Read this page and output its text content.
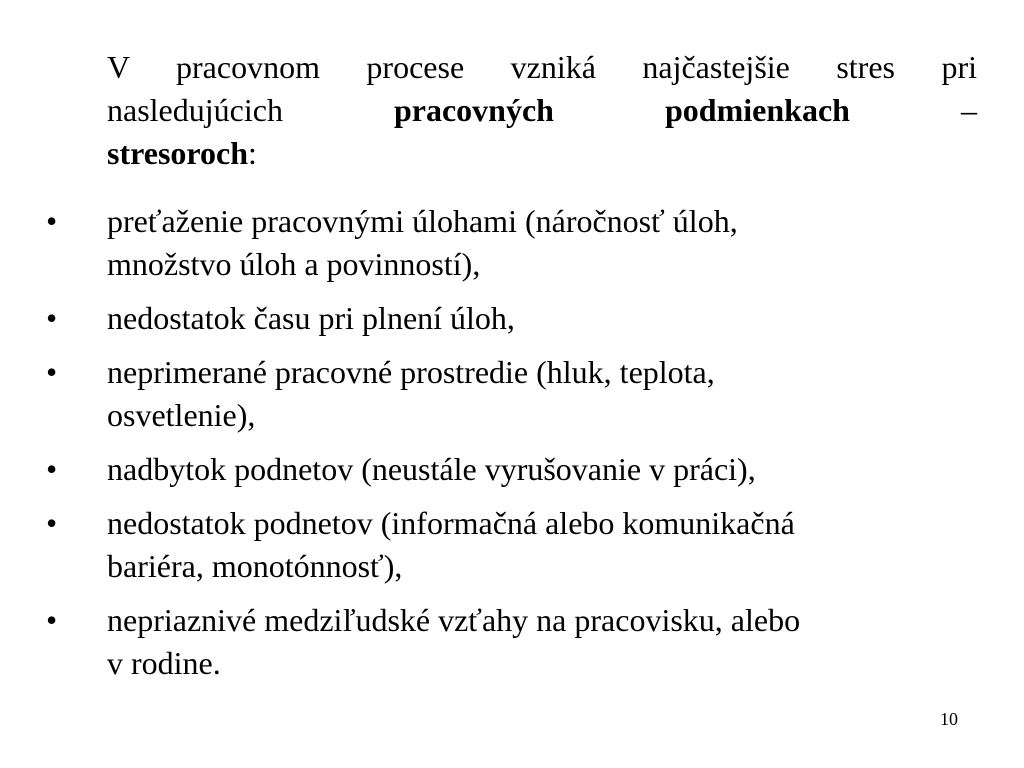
V pracovnom procese vzniká najčastejšie stres pri
nasledujúcich	pracovných	podmienkach	–
stresoroch:
• preťaženie pracovnými úlohami (náročnosť úloh,
množstvo úloh a povinností),
• nedostatok času pri plnení úloh,
• neprimerané pracovné prostredie (hluk, teplota,
osvetlenie),
• nadbytok podnetov (neustále vyrušovanie v práci),
• nedostatok podnetov (informačná alebo komunikačná
bariéra, monotónnosť),
• nepriaznivé medziľudské vzťahy na pracovisku, alebo
v rodine.
10
